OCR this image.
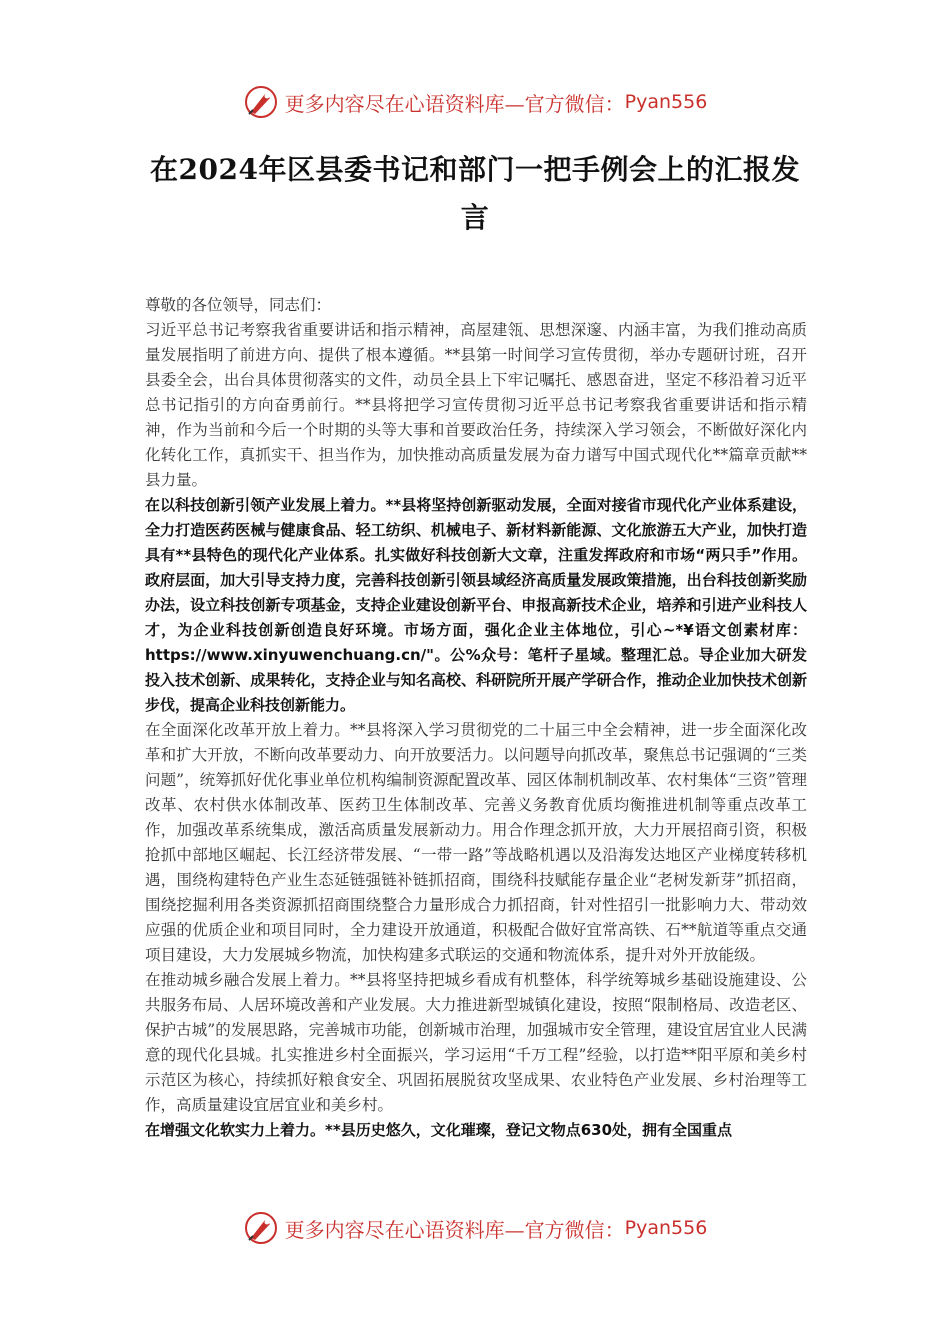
更多内容尽在心语资料库—官方微信： Pyan556
在2024年区县委书记和部门一把手例会上的汇报发言

尊敬的各位领导，同志们：

习近平总书记考察我省重要讲话和指示精神，高屋建瓴、思想深邃、内涵丰富，为我们推动高质量发展指明了前进方向、提供了根本遵循。**县第一时间学习宣传贯彻，举办专题研讨班，召开县委全会，出台具体贯彻落实的文件，动员全县上下牢记嘱托、感恩奋进，坚定不移沿着习近平总书记指引的方向奋勇前行。**县将把学习宣传贯彻习近平总书记考察我省重要讲话和指示精神，作为当前和今后一个时期的头等大事和首要政治任务，持续深入学习领会，不断做好深化内化转化工作，真抓实干、担当作为，加快推动高质量发展为奋力谱写中国式现代化**篇章贡献**县力量。

在以科技创新引领产业发展上着力。**县将坚持创新驱动发展，全面对接省市现代化产业体系建设，全力打造医药医械与健康食品、轻工纺织、机械电子、新材料新能源、文化旅游五大产业，加快打造具有**县特色的现代化产业体系。扎实做好科技创新大文章，注重发挥政府和市场“两只手”作用。政府层面，加大引导支持力度，完善科技创新引领县域经济高质量发展政策措施，出台科技创新奖励办法，设立科技创新专项基金，支持企业建设创新平台、申报高新技术企业，培养和引进产业科技人才，为企业科技创新创造良好环境。市场方面，强化企业主体地位，引心~*¥语文创素材库：https://www.xinyuwenchuang.cn/"。公%众号：笔杆子星域。整理汇总。导企业加大研发投入技术创新、成果转化，支持企业与知名高校、科研院所开展产学研合作，推动企业加快技术创新步伐，提高企业科技创新能力。

在全面深化改革开放上着力。**县将深入学习贯彻党的二十届三中全会精神，进一步全面深化改革和扩大开放，不断向改革要动力、向开放要活力。以问题导向抓改革，聚焦总书记强调的“三类问题”，统筹抓好优化事业单位机构编制资源配置改革、园区体制机制改革、农村集体“三资”管理改革、农村供水体制改革、医药卫生体制改革、完善义务教育优质均衡推进机制等重点改革工作，加强改革系统集成，激活高质量发展新动力。用合作理念抓开放，大力开展招商引资，积极抢抓中部地区崛起、长江经济带发展、“一带一路”等战略机遇以及沿海发达地区产业梯度转移机遇，围绕构建特色产业生态延链强链补链抓招商，围绕科技赋能存量企业“老树发新芽”抓招商，围绕挖掘利用各类资源抓招商围绕整合力量形成合力抓招商，针对性招引一批影响力大、带动效应强的优质企业和项目同时，全力建设开放通道，积极配合做好宜常高铁、石**航道等重点交通项目建设，大力发展城乡物流，加快构建多式联运的交通和物流体系，提升对外开放能级。

在推动城乡融合发展上着力。**县将坚持把城乡看成有机整体，科学统筹城乡基础设施建设、公共服务布局、人居环境改善和产业发展。大力推进新型城镇化建设，按照“限制格局、改造老区、保护古城”的发展思路，完善城市功能，创新城市治理，加强城市安全管理，建设宜居宜业人民满意的现代化县城。扎实推进乡村全面振兴，学习运用“千万工程”经验，以打造**阳平原和美乡村示范区为核心，持续抓好粮食安全、巩固拓展脱贫攻坚成果、农业特色产业发展、乡村治理等工作，高质量建设宜居宜业和美乡村。

在增强文化软实力上着力。**县历史悠久，文化璀璨，登记文物点630处，拥有全国重点

更多内容尽在心语资料库—官方微信： Pyan556
